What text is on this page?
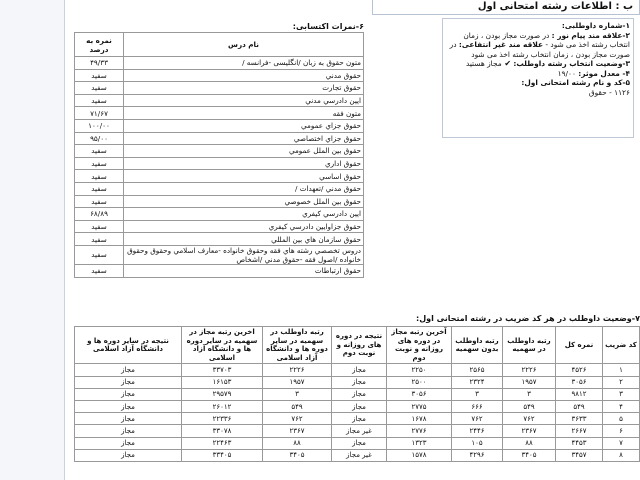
ب : اطلاعات رشته امتحانی اول
۱-شماره داوطلبی:
۲-علاقه مند پیام نور : در صورت مجاز بودن ، زمان انتخاب رشته اخذ می شود - علاقه مند غیر انتفاعی: در صورت مجاز بودن ، زمان انتخاب رشته اخذ می شود
۳-وضعیت انتخاب رشته داوطلب: ✔ مجاز هستید
۴- معدل موثر: ۱۹/۰۰
۵-کد و نام رشته امتحانی اول:
۱۱۲۶ - حقوق
۶-نمرات اکتسابی:
نام درس	نمره به درصد
متون حقوق به زبان /انگلیسی -فرانسه /	۴۹/۳۳
حقوق مدني	سفید
حقوق تجارت	سفید
ايين دادرسي مدني	سفید
متون فقه	۷۱/۶۷
حقوق جزاي عمومي	۱۰۰/۰۰
حقوق جزاي اختصاصي	۹۵/۰۰
حقوق بين الملل عمومي	سفید
حقوق اداري	سفید
حقوق اساسي	سفید
حقوق مدني /تعهدات /	سفید
حقوق بين الملل خصوصي	سفید
ايين دادرسي كيفري	۶۸/۸۹
حقوق جزاوايين دادرسي كيفري	سفید
حقوق سازمان هاي بين المللي	سفید
دروس تخصصي رشته هاي فقه وحقوق خانواده -معارف اسلامي وحقوق وحقوق خانواده /اصول فقه -حقوق مدني /اشخاص	سفید
حقوق ارتباطات	سفید
۷-وضعیت داوطلب در هر کد ضریب در رشته امتحانی اول:
کد ضریب	نمره کل	رتبه داوطلب در سهمیه	رتبه داوطلب بدون سهمیه	آخرین رتبه مجاز در دوره های روزانه و نوبت دوم	نتیجه در دوره های روزانه و نوبت دوم	رتبه داوطلب در سهمیه در سایر دوره ها و دانشگاه آزاد اسلامی	اخرین رتبه مجاز در سهمیه در سایر دوره ها و دانشگاه آزاد اسلامی	نتیجه در سایر دوره ها و دانشگاه آزاد اسلامی
۱	۴۵۲۶	۲۲۲۶	۲۵۶۵	۲۲۵۰	مجاز	۲۲۲۶	۳۳۷۰۳	مجاز
۲	۳۰۵۶	۱۹۵۷	۲۳۲۴	۲۵۰۰	مجاز	۱۹۵۷	۱۶۱۵۳	مجاز
۳	۹۸۱۲	۳	۳	۳۰۵۶	مجاز	۳	۲۹۵۷۹	مجاز
۴	۵۴۹	۵۴۹	۶۶۶	۲۷۷۵	مجاز	۵۴۹	۲۶۰۱۲	مجاز
۵	۳۶۳۳	۷۶۲	۷۶۲	۱۶۷۸	مجاز	۷۶۲	۲۲۳۳۶	مجاز
۶	۲۶۶۷	۲۳۶۷	۲۴۴۶	۲۷۷۶	غیر مجاز	۲۳۶۷	۳۳۰۷۸	مجاز
۷	۴۴۵۳	۸۸	۱۰۵	۱۳۲۳	مجاز	۸۸	۲۲۴۶۳	مجاز
۸	۳۴۵۷	۳۴۰۵	۴۲۹۶	۱۵۷۸	غیر مجاز	۳۴۰۵	۳۳۴۰۵	مجاز
